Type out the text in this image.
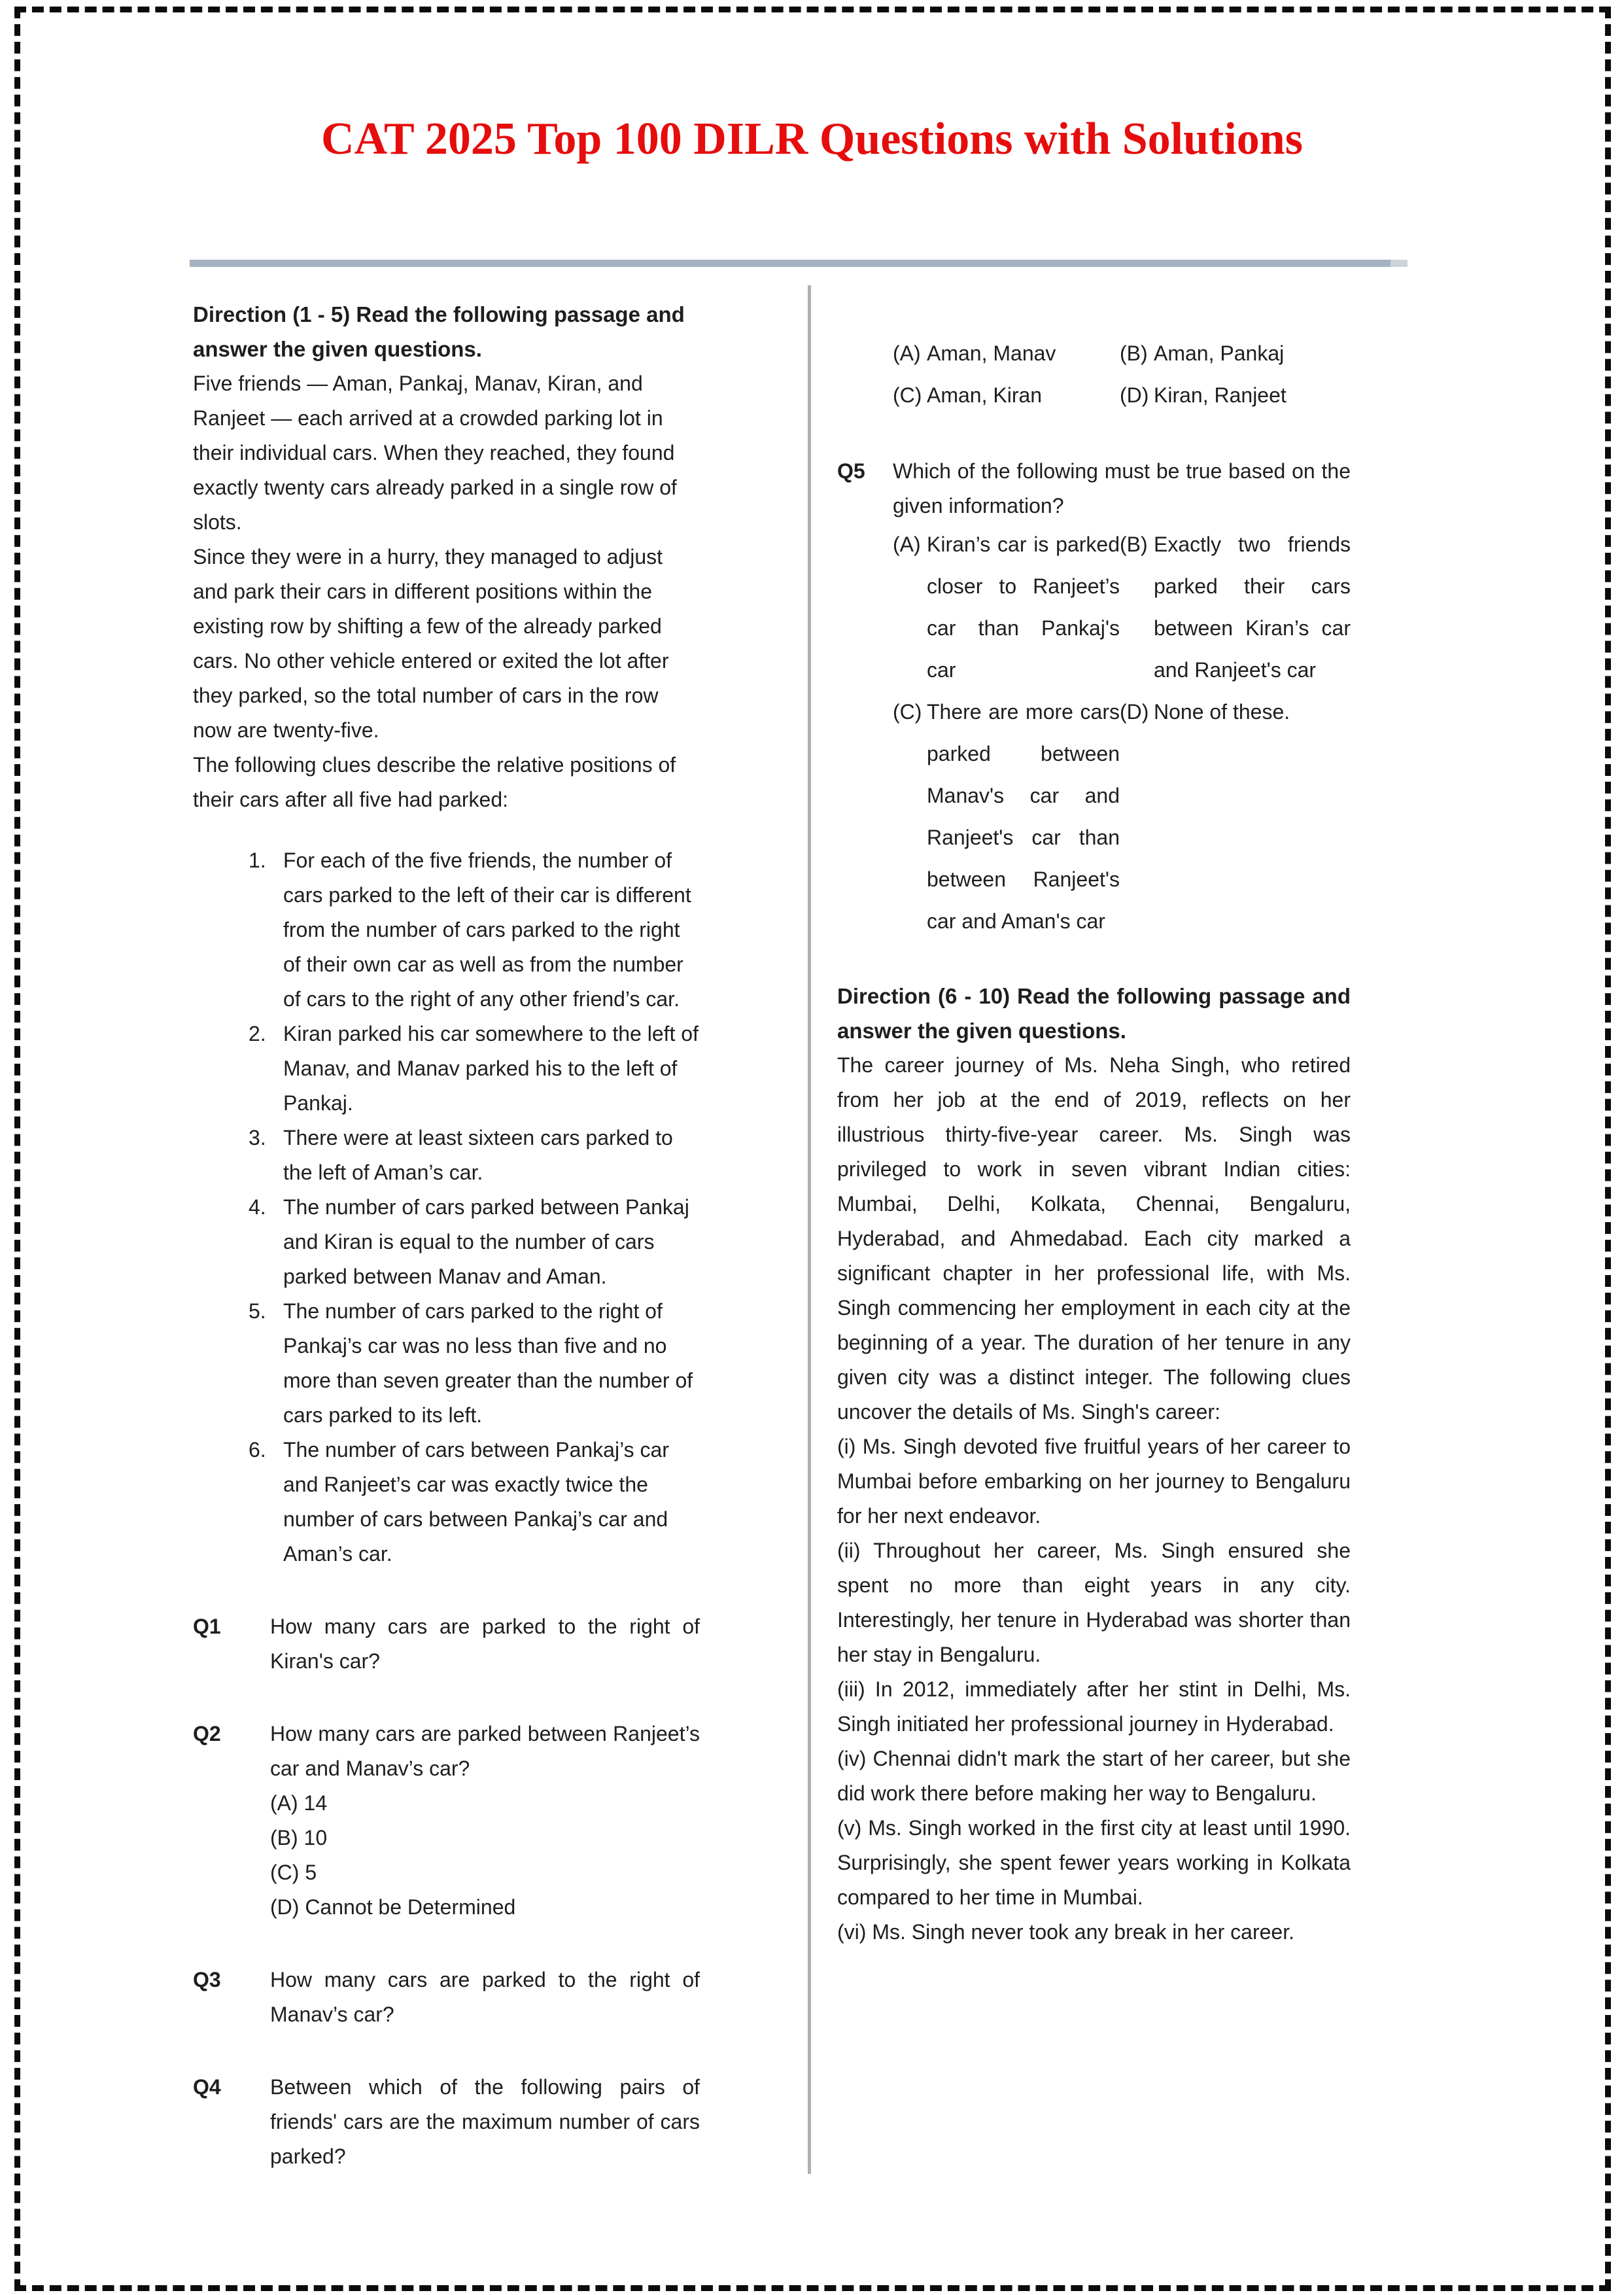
CAT 2025 Top 100 DILR Questions with Solutions
Direction (1 - 5) Read the following passage and answer the given questions.

Five friends — Aman, Pankaj, Manav, Kiran, and Ranjeet — each arrived at a crowded parking lot in their individual cars. When they reached, they found exactly twenty cars already parked in a single row of slots.

Since they were in a hurry, they managed to adjust and park their cars in different positions within the existing row by shifting a few of the already parked cars. No other vehicle entered or exited the lot after they parked, so the total number of cars in the row now are twenty-five.

The following clues describe the relative positions of their cars after all five had parked:

1. For each of the five friends, the number of cars parked to the left of their car is different from the number of cars parked to the right of their own car as well as from the number of cars to the right of any other friend’s car.
2. Kiran parked his car somewhere to the left of Manav, and Manav parked his to the left of Pankaj.
3. There were at least sixteen cars parked to the left of Aman’s car.
4. The number of cars parked between Pankaj and Kiran is equal to the number of cars parked between Manav and Aman.
5. The number of cars parked to the right of Pankaj’s car was no less than five and no more than seven greater than the number of cars parked to its left.
6. The number of cars between Pankaj’s car and Ranjeet’s car was exactly twice the number of cars between Pankaj’s car and Aman’s car.
Q1	How many cars are parked to the right of Kiran's car?
Q2	How many cars are parked between Ranjeet’s car and Manav’s car?
(A) 14
(B) 10
(C) 5
(D) Cannot be Determined
Q3	How many cars are parked to the right of Manav’s car?
Q4	Between which of the following pairs of friends' cars are the maximum number of cars parked?
(A) Aman, Manav	(B) Aman, Pankaj
(C) Aman, Kiran	(D) Kiran, Ranjeet
Q5	Which of the following must be true based on the given information?
(A) Kiran’s car is parked closer to Ranjeet’s car than Pankaj's car
(B) Exactly two friends parked their cars between Kiran’s car and Ranjeet's car
(C) There are more cars parked between Manav's car and Ranjeet's car than between Ranjeet's car and Aman's car
(D) None of these.
Direction (6 - 10) Read the following passage and answer the given questions.

The career journey of Ms. Neha Singh, who retired from her job at the end of 2019, reflects on her illustrious thirty-five-year career. Ms. Singh was privileged to work in seven vibrant Indian cities: Mumbai, Delhi, Kolkata, Chennai, Bengaluru, Hyderabad, and Ahmedabad. Each city marked a significant chapter in her professional life, with Ms. Singh commencing her employment in each city at the beginning of a year. The duration of her tenure in any given city was a distinct integer. The following clues uncover the details of Ms. Singh's career:

(i) Ms. Singh devoted five fruitful years of her career to Mumbai before embarking on her journey to Bengaluru for her next endeavor.

(ii) Throughout her career, Ms. Singh ensured she spent no more than eight years in any city. Interestingly, her tenure in Hyderabad was shorter than her stay in Bengaluru.

(iii) In 2012, immediately after her stint in Delhi, Ms. Singh initiated her professional journey in Hyderabad.

(iv) Chennai didn't mark the start of her career, but she did work there before making her way to Bengaluru.

(v) Ms. Singh worked in the first city at least until 1990. Surprisingly, she spent fewer years working in Kolkata compared to her time in Mumbai.

(vi) Ms. Singh never took any break in her career.
